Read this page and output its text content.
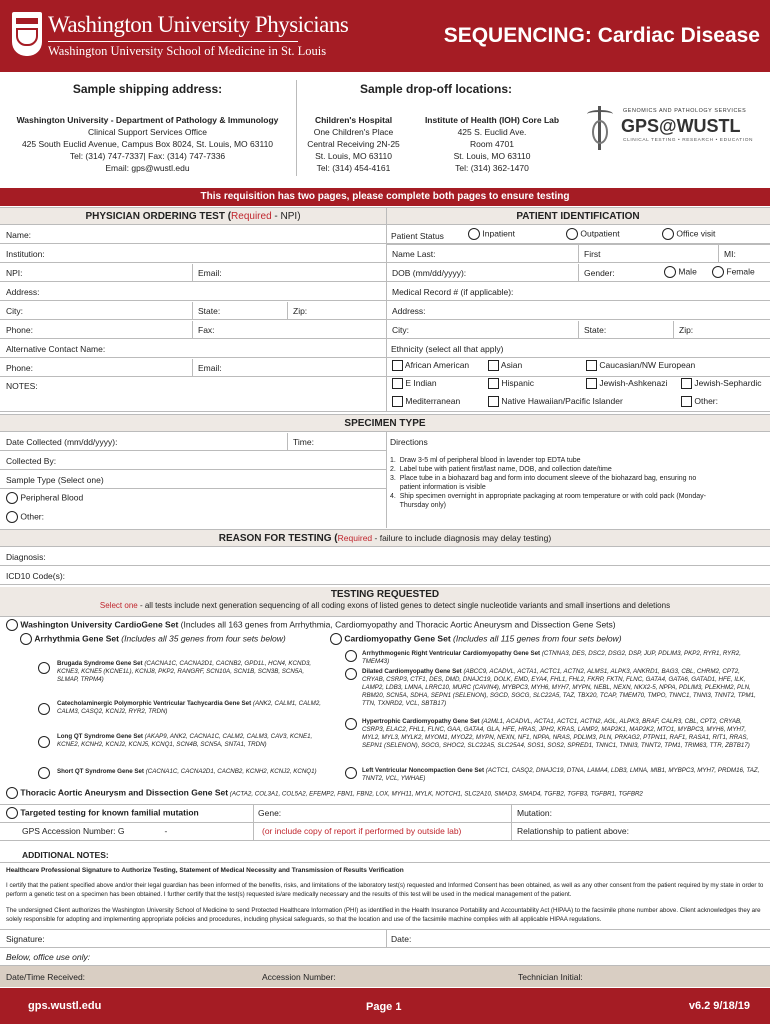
Washington University Physicians
Washington University School of Medicine in St. Louis
SEQUENCING: Cardiac Disease
Sample shipping address:
Washington University - Department of Pathology & Immunology
Clinical Support Services Office
425 South Euclid Avenue, Campus Box 8024, St. Louis, MO 63110
Tel: (314) 747-7337| Fax: (314) 747-7336
Email: gps@wustl.edu
Sample drop-off locations:
Children's Hospital
One Children's Place
Central Receiving 2N-25
St. Louis, MO 63110
Tel: (314) 454-4161
Institute of Health (IOH) Core Lab
425 S. Euclid Ave.
Room 4701
St. Louis, MO 63110
Tel: (314) 362-1470
GENOMICS AND PATHOLOGY SERVICES
GPS@WUSTL
CLINICAL TESTING • RESEARCH • EDUCATION
This requisition has two pages, please complete both pages to ensure testing
PHYSICIAN ORDERING TEST (Required - NPI)	PATIENT IDENTIFICATION
Name:
Institution:
NPI:	Email:
Address:
City:	State:	Zip:
Phone:	Fax:
Alternative Contact Name:
Phone:	Email:
NOTES:
Patient Status	Inpatient	Outpatient	Office visit
Name Last:	First	MI:
DOB (mm/dd/yyyy):	Gender:	Male	Female
Medical Record # (if applicable):
Address:
City:	State:	Zip:
Ethnicity (select all that apply)
African American	Asian	Caucasian/NW European
E Indian	Hispanic	Jewish-Ashkenazi	Jewish-Sephardic
Mediterranean	Native Hawaiian/Pacific Islander	Other:
SPECIMEN TYPE
Date Collected (mm/dd/yyyy):	Time:
Collected By:
Sample Type (Select one)
Peripheral Blood
Other:
Directions
1.  Draw 3-5 ml of peripheral blood in lavender top EDTA tube
2.  Label tube with patient first/last name, DOB, and collection date/time
3.  Place tube in a biohazard bag and form into document sleeve of the biohazard bag, ensuring no
patient information is visible
4.  Ship specimen overnight in appropriate packaging at room temperature or with cold pack (Monday-
Thursday only)
REASON FOR TESTING (Required - failure to include diagnosis may delay testing)
Diagnosis:
ICD10 Code(s):
TESTING REQUESTED
Select one - all tests include next generation sequencing of all coding exons of listed genes to detect single nucleotide variants and small insertions and deletions
Washington University CardioGene Set (Includes all 163 genes from Arrhythmia, Cardiomyopathy and Thoracic Aortic Aneurysm and Dissection Gene Sets)
Arrhythmia Gene Set (Includes all 35 genes from four sets below)	Cardiomyopathy Gene Set (Includes all 115 genes from four sets below)
Brugada Syndrome Gene Set (CACNA1C, CACNA2D1, CACNB2, GPD1L, HCN4, KCND3, KCNE3, KCNE5 (KCNE1L), KCNJ8, PKP2, RANGRF, SCN10A, SCN1B, SCN3B, SCN5A, SLMAP, TRPM4)
Catecholaminergic Polymorphic Ventricular Tachycardia Gene Set (ANK2, CALM1, CALM2, CALM3, CASQ2, KCNJ2, RYR2, TRDN)
Long QT Syndrome Gene Set (AKAP9, ANK2, CACNA1C, CALM2, CALM3, CAV3, KCNE1, KCNE2, KCNH2, KCNJ2, KCNJ5, KCNQ1, SCN4B, SCN5A, SNTA1, TRDN)
Short QT Syndrome Gene Set (CACNA1C, CACNA2D1, CACNB2, KCNH2, KCNJ2, KCNQ1)
Arrhythmogenic Right Ventricular Cardiomyopathy Gene Set (CTNNA3, DES, DSC2, DSG2, DSP, JUP, PDLIM3, PKP2, RYR1, RYR2, TMEM43)
Dilated Cardiomyopathy Gene Set (ABCC9, ACADVL, ACTA1, ACTC1, ACTN2, ALMS1, ALPK3, ANKRD1, BAG3, CBL, CHRM2, CPT2, CRYAB, CSRP3, CTF1, DES, DMD, DNAJC19, DOLK, EMD, EYA4, FHL1, FHL2, FKRP, FKTN, FLNC, GATA4, GATA6, GATAD1, HFE, ILK, LAMP2, LDB3, LMNA, LRRC10, MURC (CAVIN4), MYBPC3, MYH6, MYH7, MYPN, NEBL, NEXN, NKX2-5, NPPA, PDLIM3, PLEKHM2, PLN, RBM20, SCN5A, SDHA, SEPN1 (SELENON), SGCD, SGCG, SLC22A5, TAZ, TBX20, TCAP, TMEM70, TMPO, TNNC1, TNNI3, TNNT2, TPM1, TTN, TXNRD2, VCL, SBTB17)
Hypertrophic Cardiomyopathy Gene Set (A2ML1, ACADVL, ACTA1, ACTC1, ACTN2, AGL, ALPK3, BRAF, CALR3, CBL, CPT2, CRYAB, CSRP3, ELAC2, FHL1, FLNC, GAA, GATA4, GLA, HFE, HRAS, JPH2, KRAS, LAMP2, MAP2K1, MAP2K2, MTO1, MYBPC3, MYH6, MYH7, MYL2, MYL3, MYLK2, MYOM1, MYOZ2, MYPN, NEXN, NF1, NPPA, NRAS, PDLIM3, PLN, PRKAG2, PTPN11, RAF1, RASA1, RIT1, RRAS, SEPN1 (SELENON), SGCG, SHOC2, SLC22A5, SLC25A4, SOS1, SOS2, SPRED1, TNNC1, TNNI3, TNNT2, TPM1, TRIM63, TTR, ZBTB17)
Left Ventricular Noncompaction Gene Set (ACTC1, CASQ2, DNAJC19, DTNA, LAMA4, LDB3, LMNA, MIB1, MYBPC3, MYH7, PRDM16, TAZ, TNNT2, VCL, YWHAE)
Thoracic Aortic Aneurysm and Dissection Gene Set (ACTA2, COL3A1, COL5A2, EFEMP2, FBN1, FBN2, LOX, MYH11, MYLK, NOTCH1, SLC2A10, SMAD3, SMAD4, TGFB2, TGFB3, TGFBR1, TGFBR2
Targeted testing for known familial mutation	Gene:	Mutation:
GPS Accession Number: G	-	(or include copy of report if performed by outside lab)	Relationship to patient above:
ADDITIONAL NOTES:
Healthcare Professional Signature to Authorize Testing, Statement of Medical Necessity and Transmission of Results Verification
I certify that the patient specified above and/or their legal guardian has been informed of the benefits, risks, and limitations of the laboratory test(s) requested and Informed Consent has been obtained, as well as any other consent from the patient required by my state in order to perform a genetic test on a specimen has been obtained. I further certify that the test(s) requested is/are medically necessary and the results of this test will be used in the medical management of the patient.
The undersigned Client authorizes the Washington University School of Medicine to send Protected Healthcare Information (PHI) as identified in the Health Insurance Portability and Accountability Act (HIPAA) to the facsimile phone number above. Client acknowledges they are solely responsible for adopting and implementing appropriate policies and procedures, including physical safeguards, so that the location and use of the facsimile machine complies with all applicable HIPAA regulations.
Signature:	Date:
Below, office use only:
Date/Time Received:	Accession Number:	Technician Initial:
gps.wustl.edu	Page 1	v6.2 9/18/19
